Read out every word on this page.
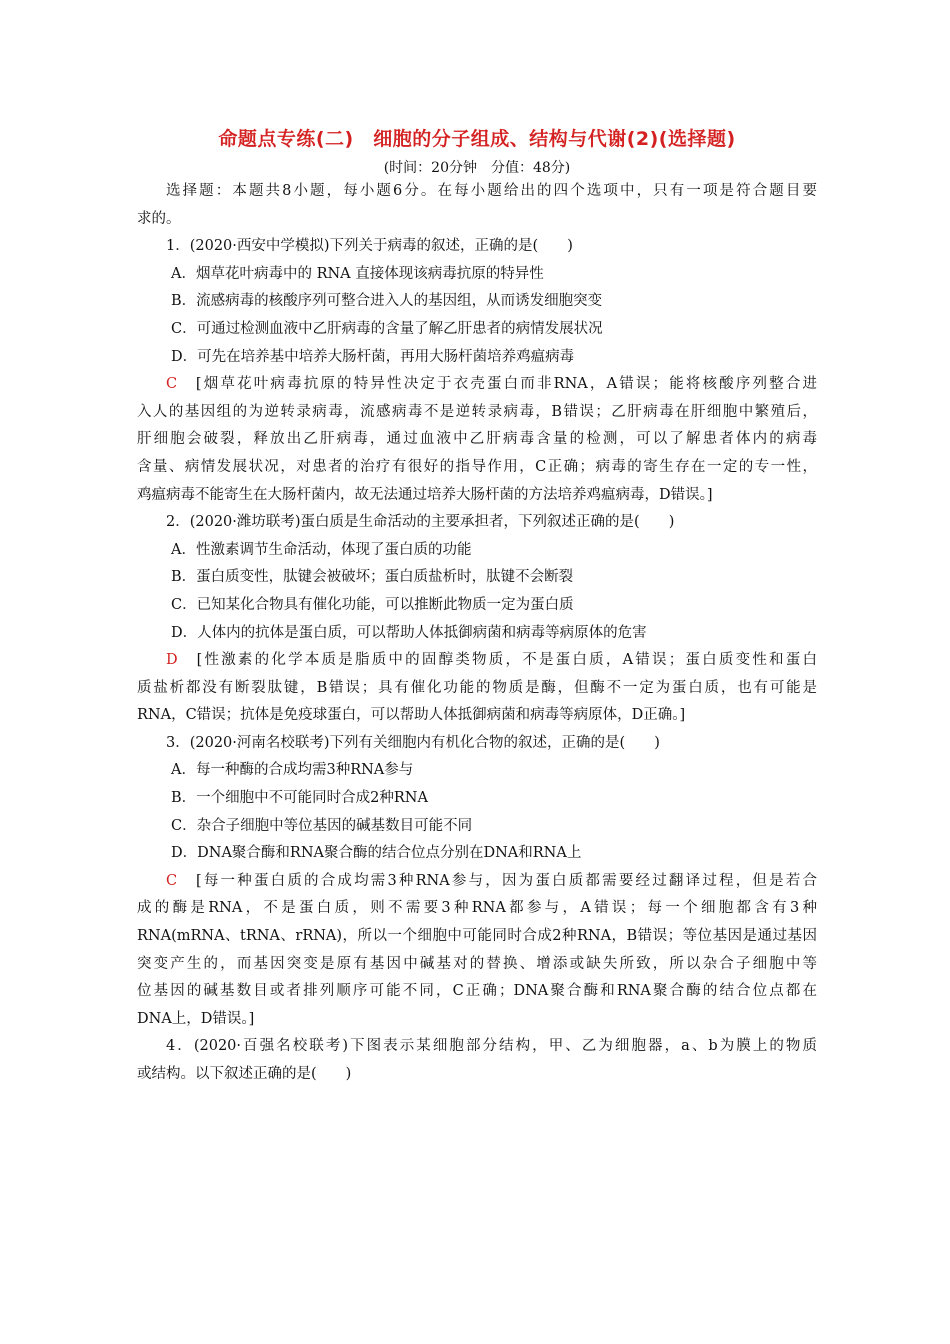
命题点专练(二)　细胞的分子组成、结构与代谢(2)(选择题)
(时间：20分钟　分值：48分)

选择题：本题共8小题，每小题6分。在每小题给出的四个选项中，只有一项是符合题目要

求的。

1．(2020·西安中学模拟)下列关于病毒的叙述，正确的是(　　)

A．烟草花叶病毒中的 RNA 直接体现该病毒抗原的特异性

B．流感病毒的核酸序列可整合进入人的基因组，从而诱发细胞突变

C．可通过检测血液中乙肝病毒的含量了解乙肝患者的病情发展状况

D．可先在培养基中培养大肠杆菌，再用大肠杆菌培养鸡瘟病毒

C　[烟草花叶病毒抗原的特异性决定于衣壳蛋白而非RNA，A错误；能将核酸序列整合进

入人的基因组的为逆转录病毒，流感病毒不是逆转录病毒，B错误；乙肝病毒在肝细胞中繁殖后，

肝细胞会破裂，释放出乙肝病毒，通过血液中乙肝病毒含量的检测，可以了解患者体内的病毒

含量、病情发展状况，对患者的治疗有很好的指导作用，C正确；病毒的寄生存在一定的专一性，

鸡瘟病毒不能寄生在大肠杆菌内，故无法通过培养大肠杆菌的方法培养鸡瘟病毒，D错误。]

2．(2020·潍坊联考)蛋白质是生命活动的主要承担者，下列叙述正确的是(　　)

A．性激素调节生命活动，体现了蛋白质的功能

B．蛋白质变性，肽键会被破坏；蛋白质盐析时，肽键不会断裂

C．已知某化合物具有催化功能，可以推断此物质一定为蛋白质

D．人体内的抗体是蛋白质，可以帮助人体抵御病菌和病毒等病原体的危害

D　[性激素的化学本质是脂质中的固醇类物质，不是蛋白质，A错误；蛋白质变性和蛋白

质盐析都没有断裂肽键，B错误；具有催化功能的物质是酶，但酶不一定为蛋白质，也有可能是

RNA，C错误；抗体是免疫球蛋白，可以帮助人体抵御病菌和病毒等病原体，D正确。]

3．(2020·河南名校联考)下列有关细胞内有机化合物的叙述，正确的是(　　)

A．每一种酶的合成均需3种RNA参与

B．一个细胞中不可能同时合成2种RNA

C．杂合子细胞中等位基因的碱基数目可能不同

D．DNA聚合酶和RNA聚合酶的结合位点分别在DNA和RNA上

C　[每一种蛋白质的合成均需3种RNA参与，因为蛋白质都需要经过翻译过程，但是若合

成的酶是RNA，不是蛋白质，则不需要3种RNA都参与，A错误；每一个细胞都含有3种

RNA(mRNA、tRNA、rRNA)，所以一个细胞中可能同时合成2种RNA，B错误；等位基因是通过基因

突变产生的，而基因突变是原有基因中碱基对的替换、增添或缺失所致，所以杂合子细胞中等

位基因的碱基数目或者排列顺序可能不同，C正确；DNA聚合酶和RNA聚合酶的结合位点都在

DNA上，D错误。]

4．(2020·百强名校联考)下图表示某细胞部分结构，甲、乙为细胞器，a、b为膜上的物质

或结构。以下叙述正确的是(　　)
